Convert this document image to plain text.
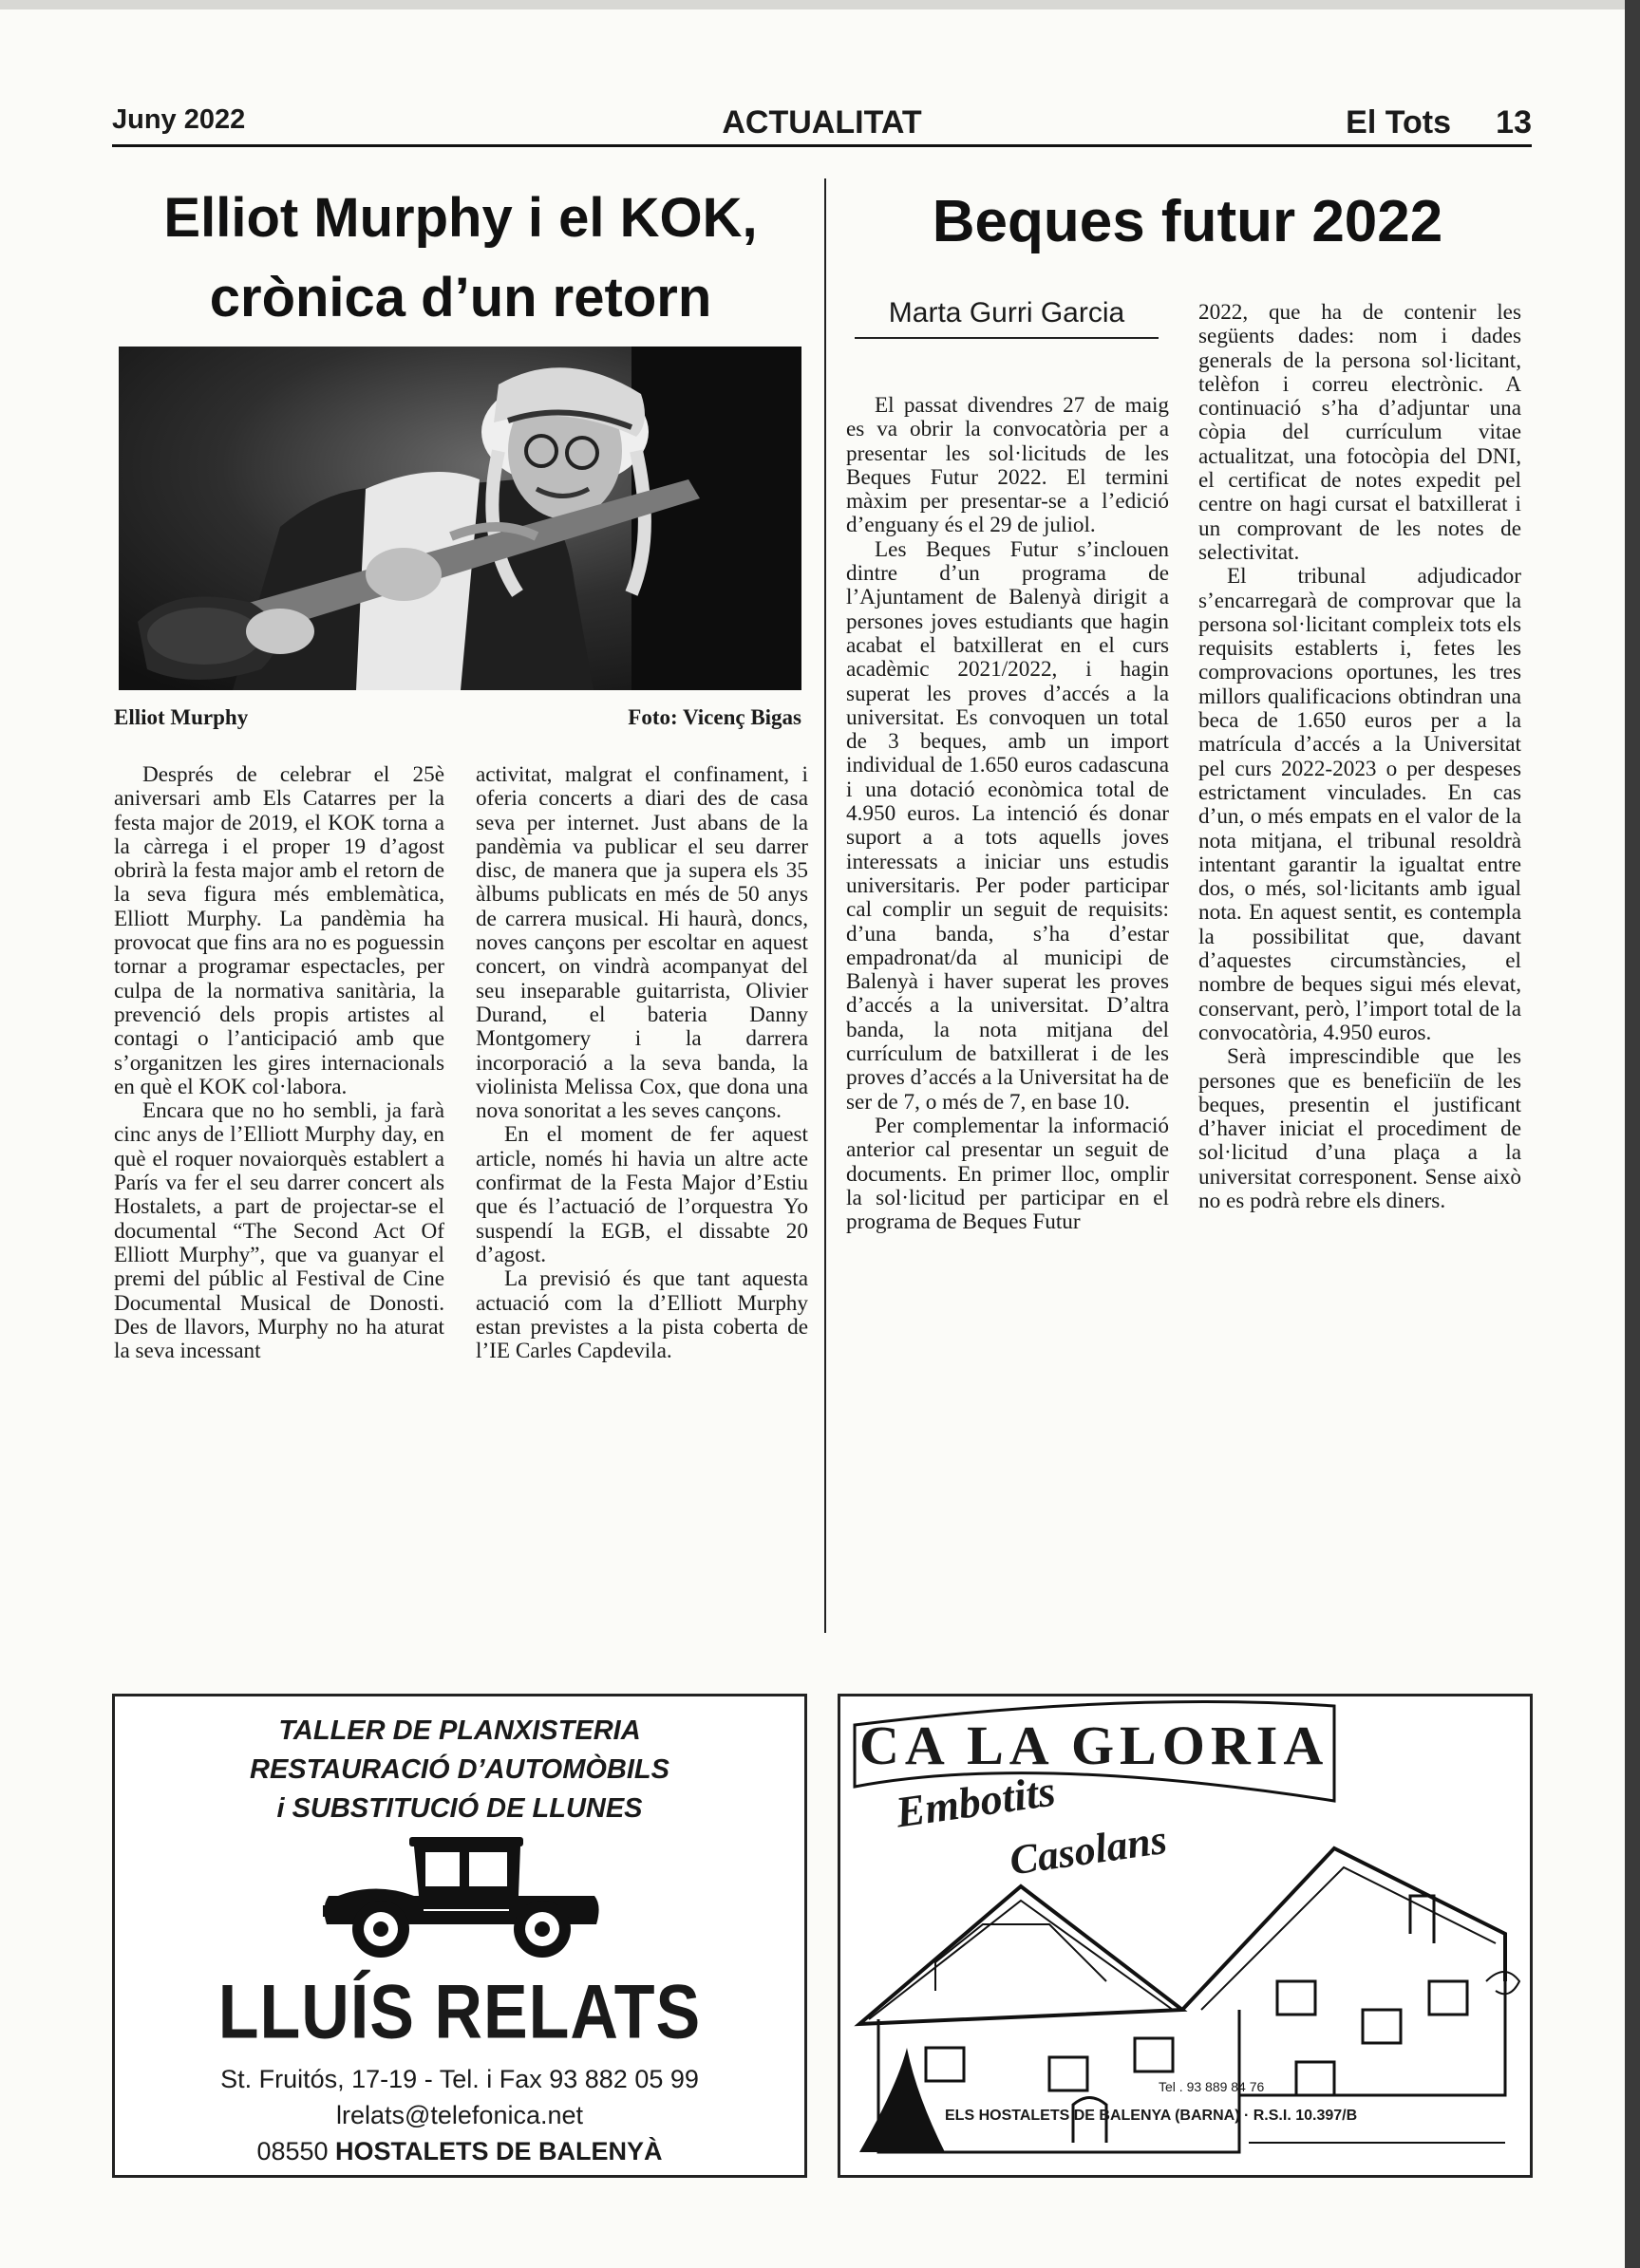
Juny 2022	ACTUALITAT	El Tots 13
Elliot Murphy i el KOK,
crònica d’un retorn
Elliot Murphy	Foto: Vicenç Bigas

Després de celebrar el 25è aniversari amb Els Catarres per la festa major de 2019, el KOK torna a la càrrega i el proper 19 d’agost obrirà la festa major amb el retorn de la seva figura més emblemàtica, Elliott Murphy. La pandèmia ha provocat que fins ara no es poguessin tornar a programar espectacles, per culpa de la normativa sanitària, la prevenció dels propis artistes al contagi o l’anticipació amb que s’organitzen les gires internacionals en què el KOK col·labora.

Encara que no ho sembli, ja farà cinc anys de l’Elliott Murphy day, en què el roquer novaiorquès establert a París va fer el seu darrer concert als Hostalets, a part de projectar-se el documental “The Second Act Of Elliott Murphy”, que va guanyar el premi del públic al Festival de Cine Documental Musical de Donosti. Des de llavors, Murphy no ha aturat la seva incessant

activitat, malgrat el confinament, i oferia concerts a diari des de casa seva per internet. Just abans de la pandèmia va publicar el seu darrer disc, de manera que ja supera els 35 àlbums publicats en més de 50 anys de carrera musical. Hi haurà, doncs, noves cançons per escoltar en aquest concert, on vindrà acompanyat del seu inseparable guitarrista, Olivier Durand, el bateria Danny Montgomery i la darrera incorporació a la seva banda, la violinista Melissa Cox, que dona una nova sonoritat a les seves cançons.

En el moment de fer aquest article, només hi havia un altre acte confirmat de la Festa Major d’Estiu que és l’actuació de l’orquestra Yo suspendí la EGB, el dissabte 20 d’agost.

La previsió és que tant aquesta actuació com la d’Elliott Murphy estan previstes a la pista coberta de l’IE Carles Capdevila.

Beques futur 2022
Marta Gurri Garcia

El passat divendres 27 de maig es va obrir la convocatòria per a presentar les sol·licituds de les Beques Futur 2022. El termini màxim per presentar-se a l’edició d’enguany és el 29 de juliol.

Les Beques Futur s’inclouen dintre d’un programa de l’Ajuntament de Balenyà dirigit a persones joves estudiants que hagin acabat el batxillerat en el curs acadèmic 2021/2022, i hagin superat les proves d’accés a la universitat. Es convoquen un total de 3 beques, amb un import individual de 1.650 euros cadascuna i una dotació econòmica total de 4.950 euros. La intenció és donar suport a a tots aquells joves interessats a iniciar uns estudis universitaris. Per poder participar cal complir un seguit de requisits: d’una banda, s’ha d’estar empadronat/da al municipi de Balenyà i haver superat les proves d’accés a la universitat. D’altra banda, la nota mitjana del currículum de batxillerat i de les proves d’accés a la Universitat ha de ser de 7, o més de 7, en base 10.

Per complementar la informació anterior cal presentar un seguit de documents. En primer lloc, omplir la sol·licitud per participar en el programa de Beques Futur

2022, que ha de contenir les següents dades: nom i dades generals de la persona sol·licitant, telèfon i correu electrònic. A continuació s’ha d’adjuntar una còpia del currículum vitae actualitzat, una fotocòpia del DNI, el certificat de notes expedit pel centre on hagi cursat el batxillerat i un comprovant de les notes de selectivitat.

El tribunal adjudicador s’encarregarà de comprovar que la persona sol·licitant compleix tots els requisits establerts i, fetes les comprovacions oportunes, les tres millors qualificacions obtindran una beca de 1.650 euros per a la matrícula d’accés a la Universitat pel curs 2022-2023 o per despeses estrictament vinculades. En cas d’un, o més empats en el valor de la nota mitjana, el tribunal resoldrà intentant garantir la igualtat entre dos, o més, sol·licitants amb igual nota. En aquest sentit, es contempla la possibilitat que, davant d’aquestes circumstàncies, el nombre de beques sigui més elevat, conservant, però, l’import total de la convocatòria, 4.950 euros.

Serà imprescindible que les persones que es beneficiïn de les beques, presentin el justificant d’haver iniciat el procediment de sol·licitud d’una plaça a la universitat corresponent. Sense això no es podrà rebre els diners.

TALLER DE PLANXISTERIA
RESTAURACIÓ D’AUTOMÒBILS
i SUBSTITUCIÓ DE LLUNES
LLUÍS RELATS
St. Fruitós, 17-19 - Tel. i Fax 93 882 05 99
lrelats@telefonica.net
08550 HOSTALETS DE BALENYÀ
CA LA GLORIA
Embotits
Casolans
Tel . 93 889 84 76
ELS HOSTALETS DE BALENYA (BARNA) · R.S.I. 10.397/B
